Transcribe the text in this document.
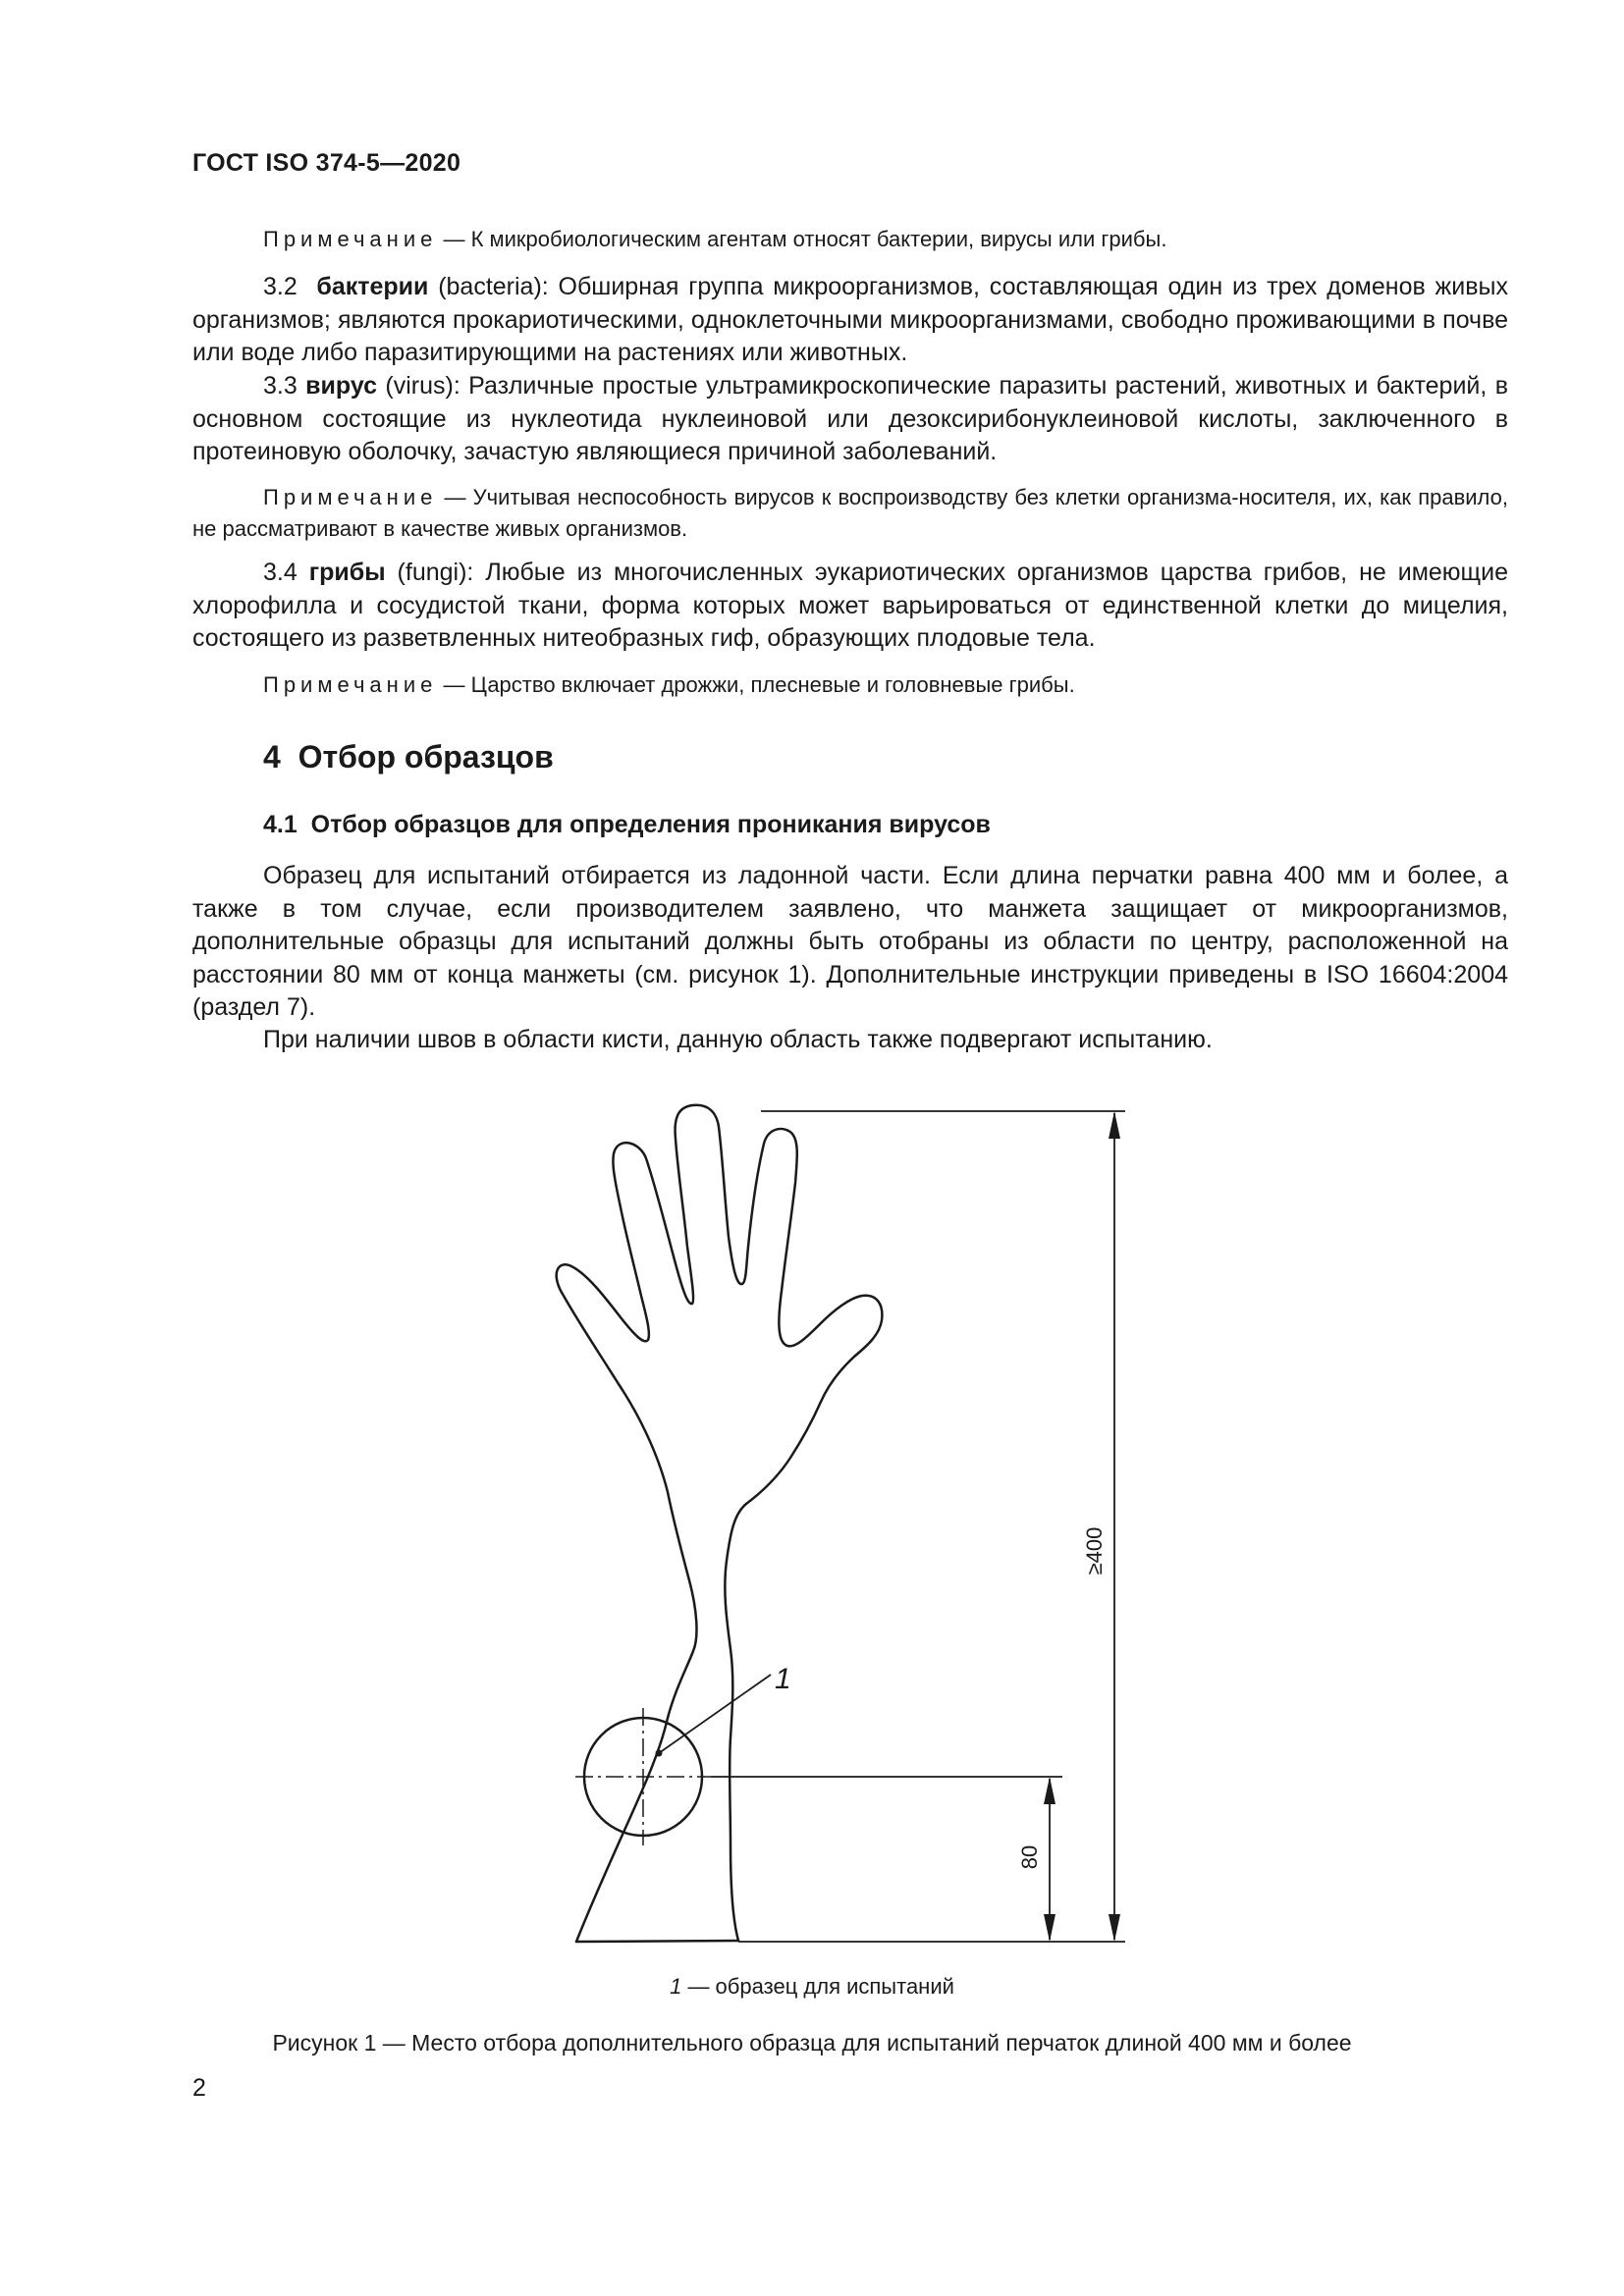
ГОСТ ISO 374-5—2020
Примечание — К микробиологическим агентам относят бактерии, вирусы или грибы.
3.2 бактерии (bacteria): Обширная группа микроорганизмов, составляющая один из трех доменов живых организмов; являются прокариотическими, одноклеточными микроорганизмами, свободно проживающими в почве или воде либо паразитирующими на растениях или животных.
3.3 вирус (virus): Различные простые ультрамикроскопические паразиты растений, животных и бактерий, в основном состоящие из нуклеотида нуклеиновой или дезоксирибонуклеиновой кислоты, заключенного в протеиновую оболочку, зачастую являющиеся причиной заболеваний.
Примечание — Учитывая неспособность вирусов к воспроизводству без клетки организма-носителя, их, как правило, не рассматривают в качестве живых организмов.
3.4 грибы (fungi): Любые из многочисленных эукариотических организмов царства грибов, не имеющие хлорофилла и сосудистой ткани, форма которых может варьироваться от единственной клетки до мицелия, состоящего из разветвленных нитеобразных гиф, образующих плодовые тела.
Примечание — Царство включает дрожжи, плесневые и головневые грибы.
4  Отбор образцов
4.1  Отбор образцов для определения проникания вирусов
Образец для испытаний отбирается из ладонной части. Если длина перчатки равна 400 мм и более, а также в том случае, если производителем заявлено, что манжета защищает от микроорганизмов, дополнительные образцы для испытаний должны быть отобраны из области по центру, расположенной на расстоянии 80 мм от конца манжеты (см. рисунок 1). Дополнительные инструкции приведены в ISO 16604:2004 (раздел 7).
При наличии швов в области кисти, данную область также подвергают испытанию.
≥400
80
1
1 — образец для испытаний
Рисунок 1 — Место отбора дополнительного образца для испытаний перчаток длиной 400 мм и более
2
